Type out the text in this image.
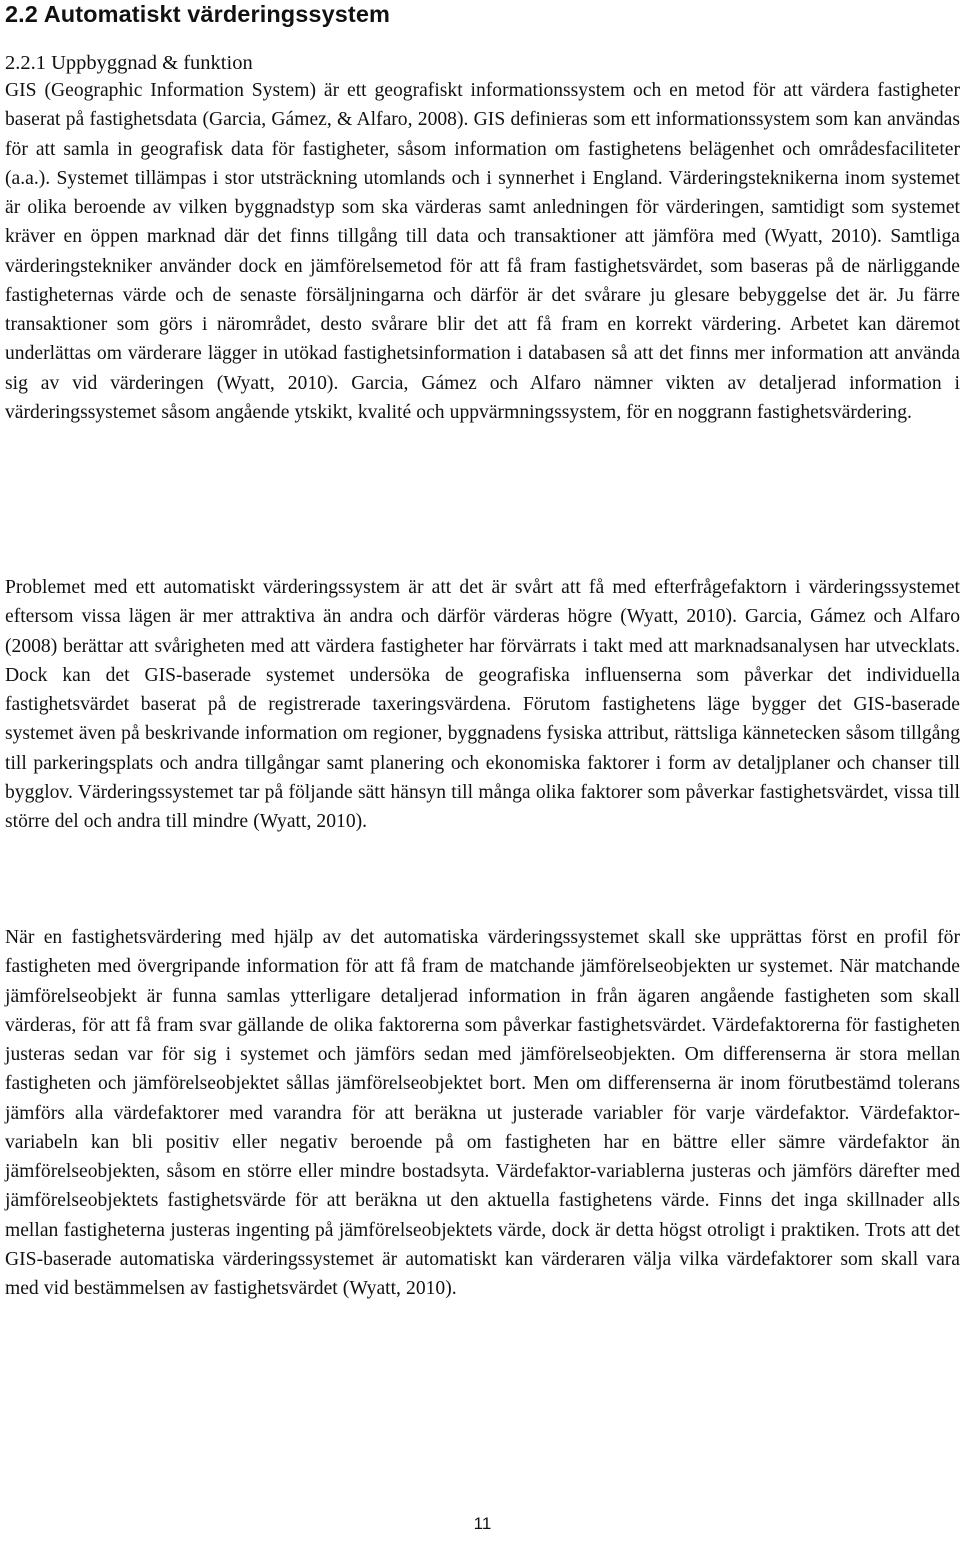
2.2 Automatiskt värderingssystem
2.2.1 Uppbyggnad & funktion

GIS (Geographic Information System) är ett geografiskt informationssystem och en metod för att värdera fastigheter baserat på fastighetsdata (Garcia, Gámez, & Alfaro, 2008). GIS definieras som ett informationssystem som kan användas för att samla in geografisk data för fastigheter, såsom information om fastighetens belägenhet och områdesfaciliteter (a.a.). Systemet tillämpas i stor utsträckning utomlands och i synnerhet i England. Värderingsteknikerna inom systemet är olika beroende av vilken byggnadstyp som ska värderas samt anledningen för värderingen, samtidigt som systemet kräver en öppen marknad där det finns tillgång till data och transaktioner att jämföra med (Wyatt, 2010). Samtliga värderingstekniker använder dock en jämförelsemetod för att få fram fastighetsvärdet, som baseras på de närliggande fastigheternas värde och de senaste försäljningarna och därför är det svårare ju glesare bebyggelse det är. Ju färre transaktioner som görs i närområdet, desto svårare blir det att få fram en korrekt värdering. Arbetet kan däremot underlättas om värderare lägger in utökad fastighetsinformation i databasen så att det finns mer information att använda sig av vid värderingen (Wyatt, 2010). Garcia, Gámez och Alfaro nämner vikten av detaljerad information i värderingssystemet såsom angående ytskikt, kvalité och uppvärmningssystem, för en noggrann fastighetsvärdering.

Problemet med ett automatiskt värderingssystem är att det är svårt att få med efterfrågefaktorn i värderingssystemet eftersom vissa lägen är mer attraktiva än andra och därför värderas högre (Wyatt, 2010). Garcia, Gámez och Alfaro (2008) berättar att svårigheten med att värdera fastigheter har förvärrats i takt med att marknadsanalysen har utvecklats. Dock kan det GIS-baserade systemet undersöka de geografiska influenserna som påverkar det individuella fastighetsvärdet baserat på de registrerade taxeringsvärdena. Förutom fastighetens läge bygger det GIS-baserade systemet även på beskrivande information om regioner, byggnadens fysiska attribut, rättsliga kännetecken såsom tillgång till parkeringsplats och andra tillgångar samt planering och ekonomiska faktorer i form av detaljplaner och chanser till bygglov. Värderingssystemet tar på följande sätt hänsyn till många olika faktorer som påverkar fastighetsvärdet, vissa till större del och andra till mindre (Wyatt, 2010).

När en fastighetsvärdering med hjälp av det automatiska värderingssystemet skall ske upprättas först en profil för fastigheten med övergripande information för att få fram de matchande jämförelseobjekten ur systemet. När matchande jämförelseobjekt är funna samlas ytterligare detaljerad information in från ägaren angående fastigheten som skall värderas, för att få fram svar gällande de olika faktorerna som påverkar fastighetsvärdet. Värdefaktorerna för fastigheten justeras sedan var för sig i systemet och jämförs sedan med jämförelseobjekten. Om differenserna är stora mellan fastigheten och jämförelseobjektet sållas jämförelseobjektet bort. Men om differenserna är inom förutbestämd tolerans jämförs alla värdefaktorer med varandra för att beräkna ut justerade variabler för varje värdefaktor. Värdefaktor-variabeln kan bli positiv eller negativ beroende på om fastigheten har en bättre eller sämre värdefaktor än jämförelseobjekten, såsom en större eller mindre bostadsyta. Värdefaktor-variablerna justeras och jämförs därefter med jämförelseobjektets fastighetsvärde för att beräkna ut den aktuella fastighetens värde. Finns det inga skillnader alls mellan fastigheterna justeras ingenting på jämförelseobjektets värde, dock är detta högst otroligt i praktiken. Trots att det GIS-baserade automatiska värderingssystemet är automatiskt kan värderaren välja vilka värdefaktorer som skall vara med vid bestämmelsen av fastighetsvärdet (Wyatt, 2010).

11
